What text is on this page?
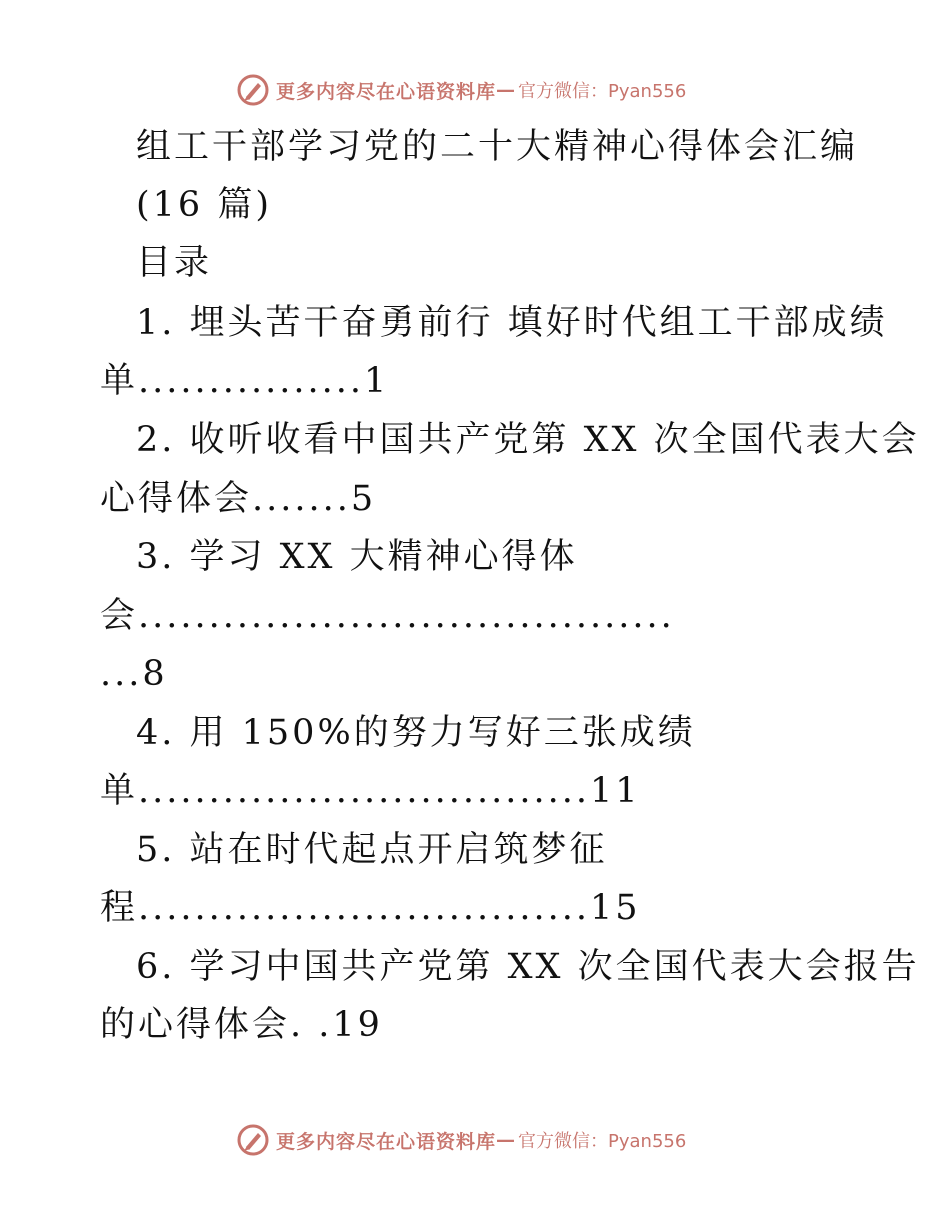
更多内容尽在心语资料库 — 官方微信：Pyan556
组工干部学习党的二十大精神心得体会汇编
(16 篇)
目录
1. 埋头苦干奋勇前行 填好时代组工干部成绩
单................1
2. 收听收看中国共产党第 XX 次全国代表大会
心得体会.......5
3. 学习 XX 大精神心得体
会......................................
...8
4. 用 150%的努力写好三张成绩
单................................11
5. 站在时代起点开启筑梦征
程................................15
6. 学习中国共产党第 XX 次全国代表大会报告
的心得体会. .19
更多内容尽在心语资料库 — 官方微信：Pyan556
